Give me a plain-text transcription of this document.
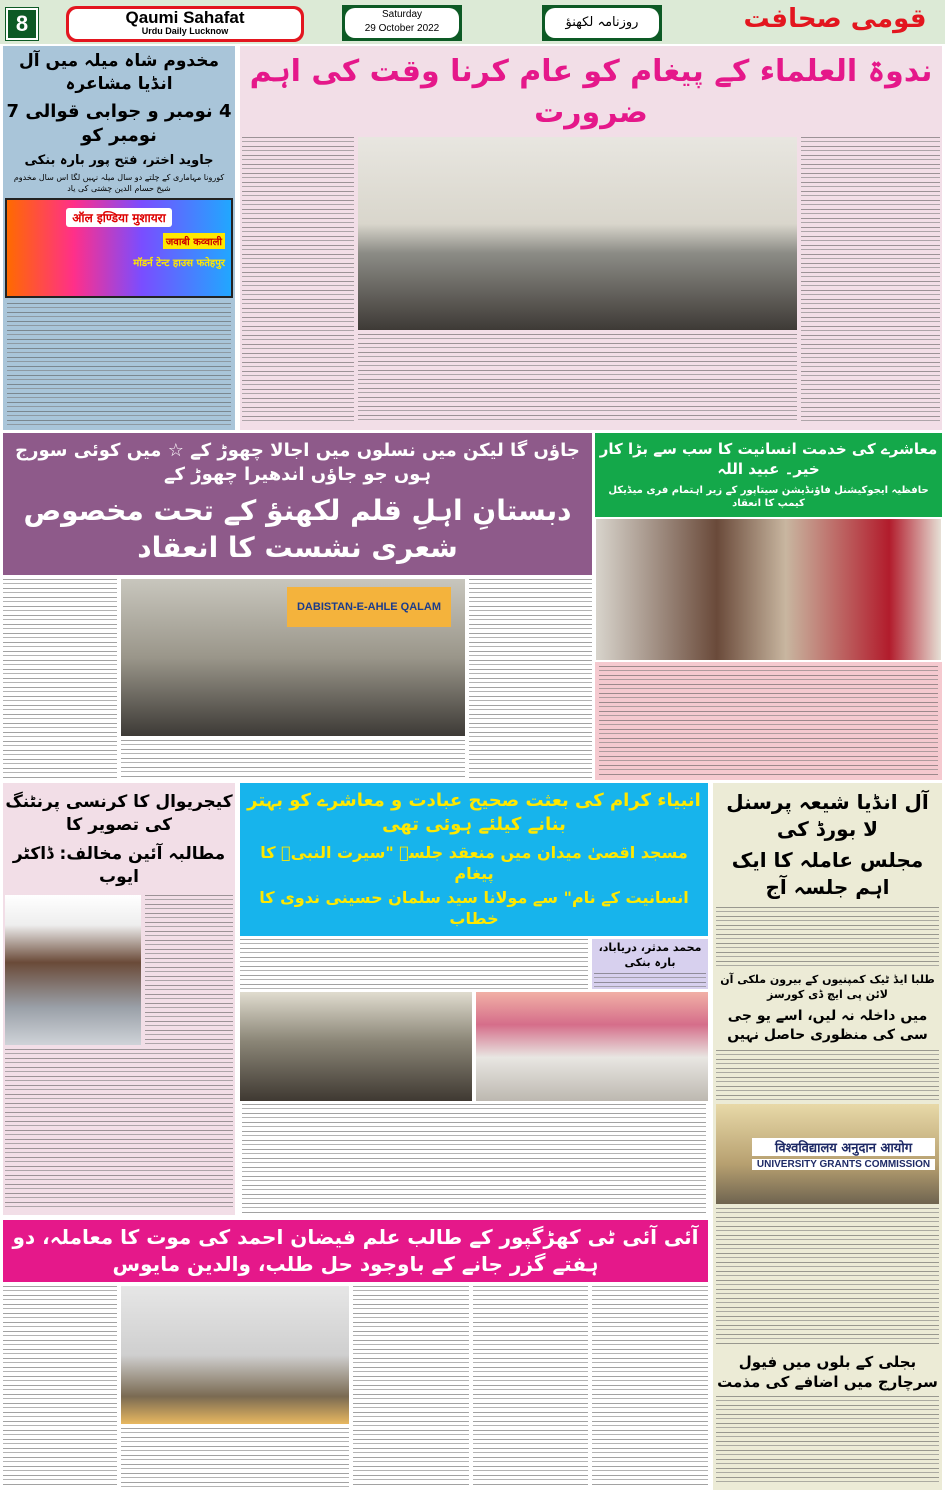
8	Qaumi Sahafat
Urdu Daily Lucknow
Saturday
29 October 2022	روزنامہ لکھنؤ	قومی صحافت
مخدوم شاہ میلہ میں آل انڈیا مشاعرہ
4 نومبر و جوابی قوالی 7 نومبر کو
جاوید اختر، فتح پور بارہ بنکی
کورونا مہاماری کے چلتے دو سال میلہ نہیں لگا اس سال مخدوم شیخ حسام الدین چشتی کی یاد
ऑल इण्डिया मुशायरा
जवाबी कव्वाली
मॉडर्न टेन्ट हाउस फतेहपुर
ندوۃ العلماء کے پیغام کو عام کرنا وقت کی اہم ضرورت
جاؤں گا لیکن میں نسلوں میں اجالا چھوڑ کے ☆ میں کوئی سورج ہوں جو جاؤں اندھیرا چھوڑ کے
دبستانِ اہلِ قلم لکھنؤ کے تحت مخصوص شعری نشست کا انعقاد
DABISTAN-E-AHLE QALAM
معاشرے کی خدمت انسانیت کا سب سے بڑا کار خیر۔ عبید اللہ
حافظیہ ایجوکیشنل فاؤنڈیشن سیتاپور کے زیر اہتمام فری میڈیکل کیمپ کا انعقاد
کیجریوال کا کرنسی پرنٹنگ کی تصویر کا
مطالبہ آئین مخالف: ڈاکٹر ایوب
انبیاء کرام کی بعثت صحیح عبادت و معاشرے کو بہتر بنانے کیلئے ہوئی تھی
مسجد اقصیٰ میدان میں منعقد جلسہ "سیرت النبیؐ کا پیغام
انسانیت کے نام" سے مولانا سید سلمان حسینی ندوی کا خطاب
محمد مدثر، دریاباد، بارہ بنکی
آل انڈیا شیعہ پرسنل لا بورڈ کی
مجلس عاملہ کا ایک اہم جلسہ آج
طلبا ایڈ ٹیک کمپنیوں کے بیرون ملکی آن لائن پی ایچ ڈی کورسز
میں داخلہ نہ لیں، اسے یو جی سی کی منظوری حاصل نہیں
विश्वविद्यालय अनुदान आयोग
UNIVERSITY GRANTS COMMISSION
بجلی کے بلوں میں فیول سرچارج میں اضافے کی مذمت
آئی آئی ٹی کھڑگپور کے طالب علم فیضان احمد کی موت کا معاملہ، دو ہفتے گزر جانے کے باوجود حل طلب، والدین مایوس
